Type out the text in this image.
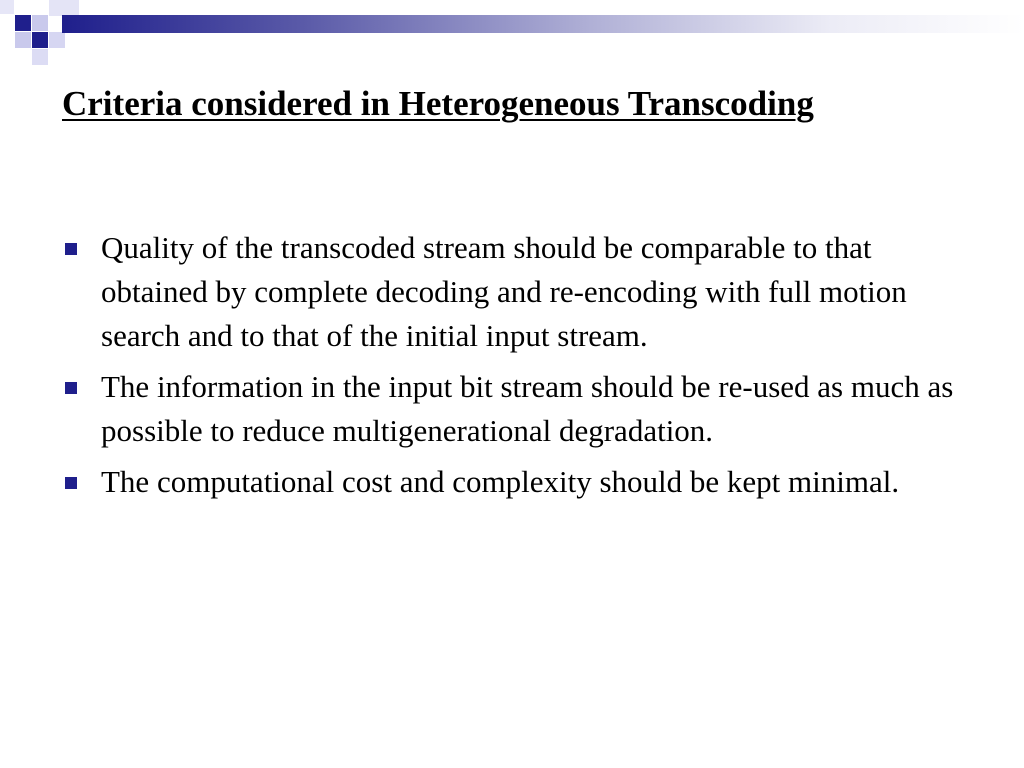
Criteria considered in Heterogeneous Transcoding
Quality of the transcoded stream should be comparable to that obtained by complete decoding and re-encoding with full motion search and to that of the initial input stream.
The information in the input bit stream should be re-used as much as possible to reduce multigenerational degradation.
The computational cost and complexity should be kept minimal.
